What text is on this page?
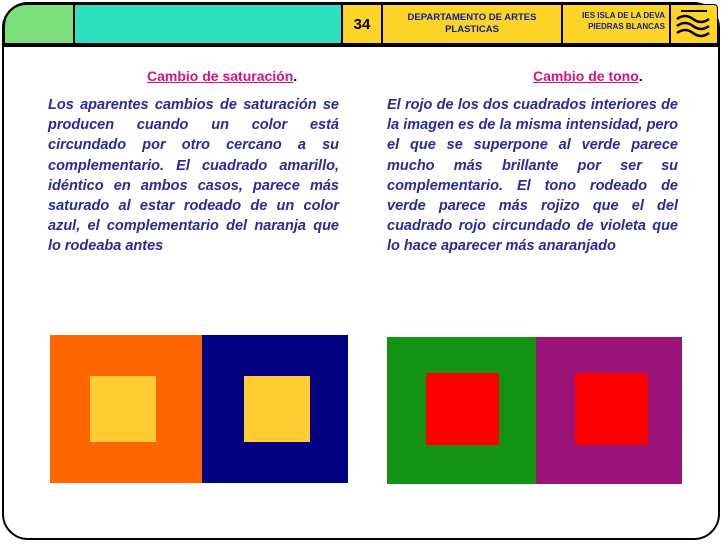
34	DEPARTAMENTO DE ARTES
PLASTICAS
IES ISLA DE LA DEVA
PIEDRAS BLANCAS
Cambio de saturación.	Cambio de tono.
Los aparentes cambios de saturación se producen cuando un color está circundado por otro cercano a su complementario. El cuadrado amarillo, idéntico en ambos casos, parece más saturado al estar rodeado de un color azul, el complementario del naranja que lo rodeaba antes
El rojo de los dos cuadrados interiores de la imagen es de la misma intensidad, pero el que se superpone al verde parece mucho más brillante por ser su complementario. El tono rodeado de verde parece más rojizo que el del cuadrado rojo circundado de violeta que lo hace aparecer más anaranjado
